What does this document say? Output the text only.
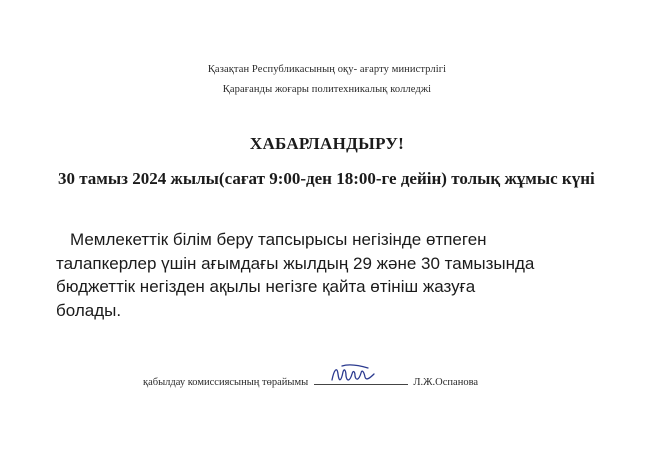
Қазақтан Республикасының оқу- ағарту министрлігі
Қарағанды жоғары политехникалық колледжі
ХАБАРЛАНДЫРУ!
30 тамыз 2024 жылы(сағат 9:00-ден 18:00-ге дейін) толық жұмыс күні
Мемлекеттік білім беру тапсырысы негізінде өтпеген
талапкерлер үшін ағымдағы жылдың 29 және 30 тамызында
бюджеттік негізден ақылы негізге қайта өтініш жазуға
болады.
қабылдау комиссиясының төрайымы	Л.Ж.Оспанова
